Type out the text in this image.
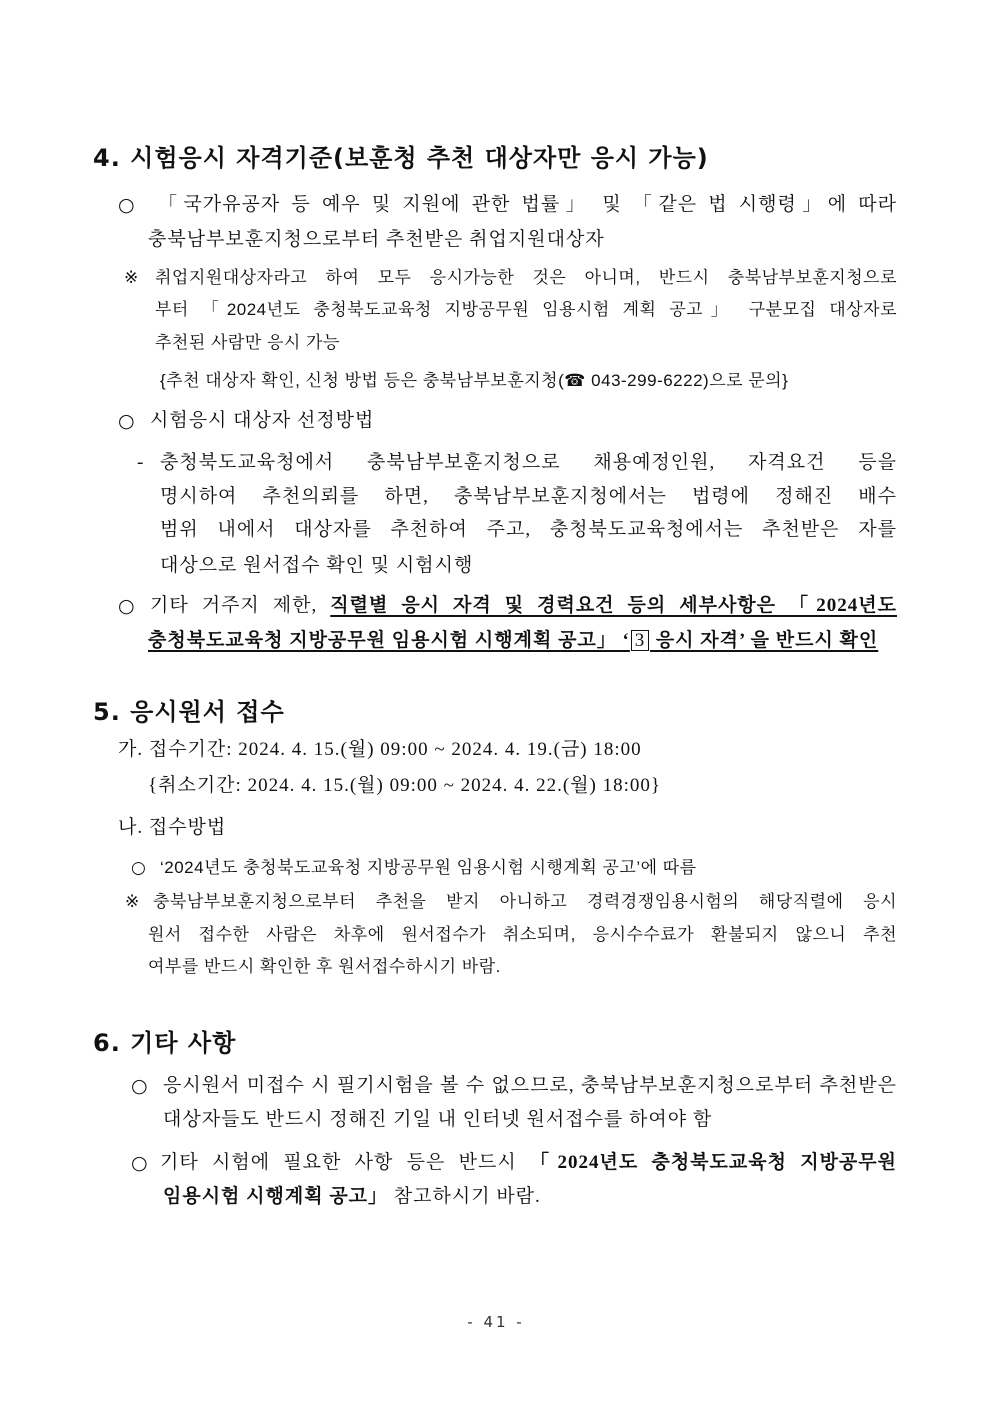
4. 시험응시 자격기준(보훈청 추천 대상자만 응시 가능)
○ 「국가유공자 등 예우 및 지원에 관한 법률」 및 「같은 법 시행령」에 따라
충북남부보훈지청으로부터 추천받은 취업지원대상자
※ 취업지원대상자라고 하여 모두 응시가능한 것은 아니며, 반드시 충북남부보훈지청으로
부터 「2024년도 충청북도교육청 지방공무원 임용시험 계획 공고」 구분모집 대상자로
추천된 사람만 응시 가능
{추천 대상자 확인, 신청 방법 등은 충북남부보훈지청(☎ 043-299-6222)으로 문의}
○ 시험응시 대상자 선정방법
- 충청북도교육청에서 충북남부보훈지청으로 채용예정인원, 자격요건 등을
명시하여 추천의뢰를 하면, 충북남부보훈지청에서는 법령에 정해진 배수
범위 내에서 대상자를 추천하여 주고, 충청북도교육청에서는 추천받은 자를
대상으로 원서접수 확인 및 시험시행
○ 기타 거주지 제한, 직렬별 응시 자격 및 경력요건 등의 세부사항은 「2024년도
충청북도교육청 지방공무원 임용시험 시행계획 공고」 ‘ 3 응시 자격’ 을 반드시 확인
5. 응시원서 접수
가. 접수기간: 2024. 4. 15.(월) 09:00 ~ 2024. 4. 19.(금) 18:00
{취소기간: 2024. 4. 15.(월) 09:00 ~ 2024. 4. 22.(월) 18:00}
나. 접수방법
○ ‘2024년도 충청북도교육청 지방공무원 임용시험 시행계획 공고’에 따름
※ 충북남부보훈지청으로부터 추천을 받지 아니하고 경력경쟁임용시험의 해당직렬에 응시
원서 접수한 사람은 차후에 원서접수가 취소되며, 응시수수료가 환불되지 않으니 추천
여부를 반드시 확인한 후 원서접수하시기 바람.
6. 기타 사항
○ 응시원서 미접수 시 필기시험을 볼 수 없으므로, 충북남부보훈지청으로부터 추천받은
대상자들도 반드시 정해진 기일 내 인터넷 원서접수를 하여야 함
○ 기타 시험에 필요한 사항 등은 반드시 「2024년도 충청북도교육청 지방공무원
임용시험 시행계획 공고」 참고하시기 바람.
- 41 -
